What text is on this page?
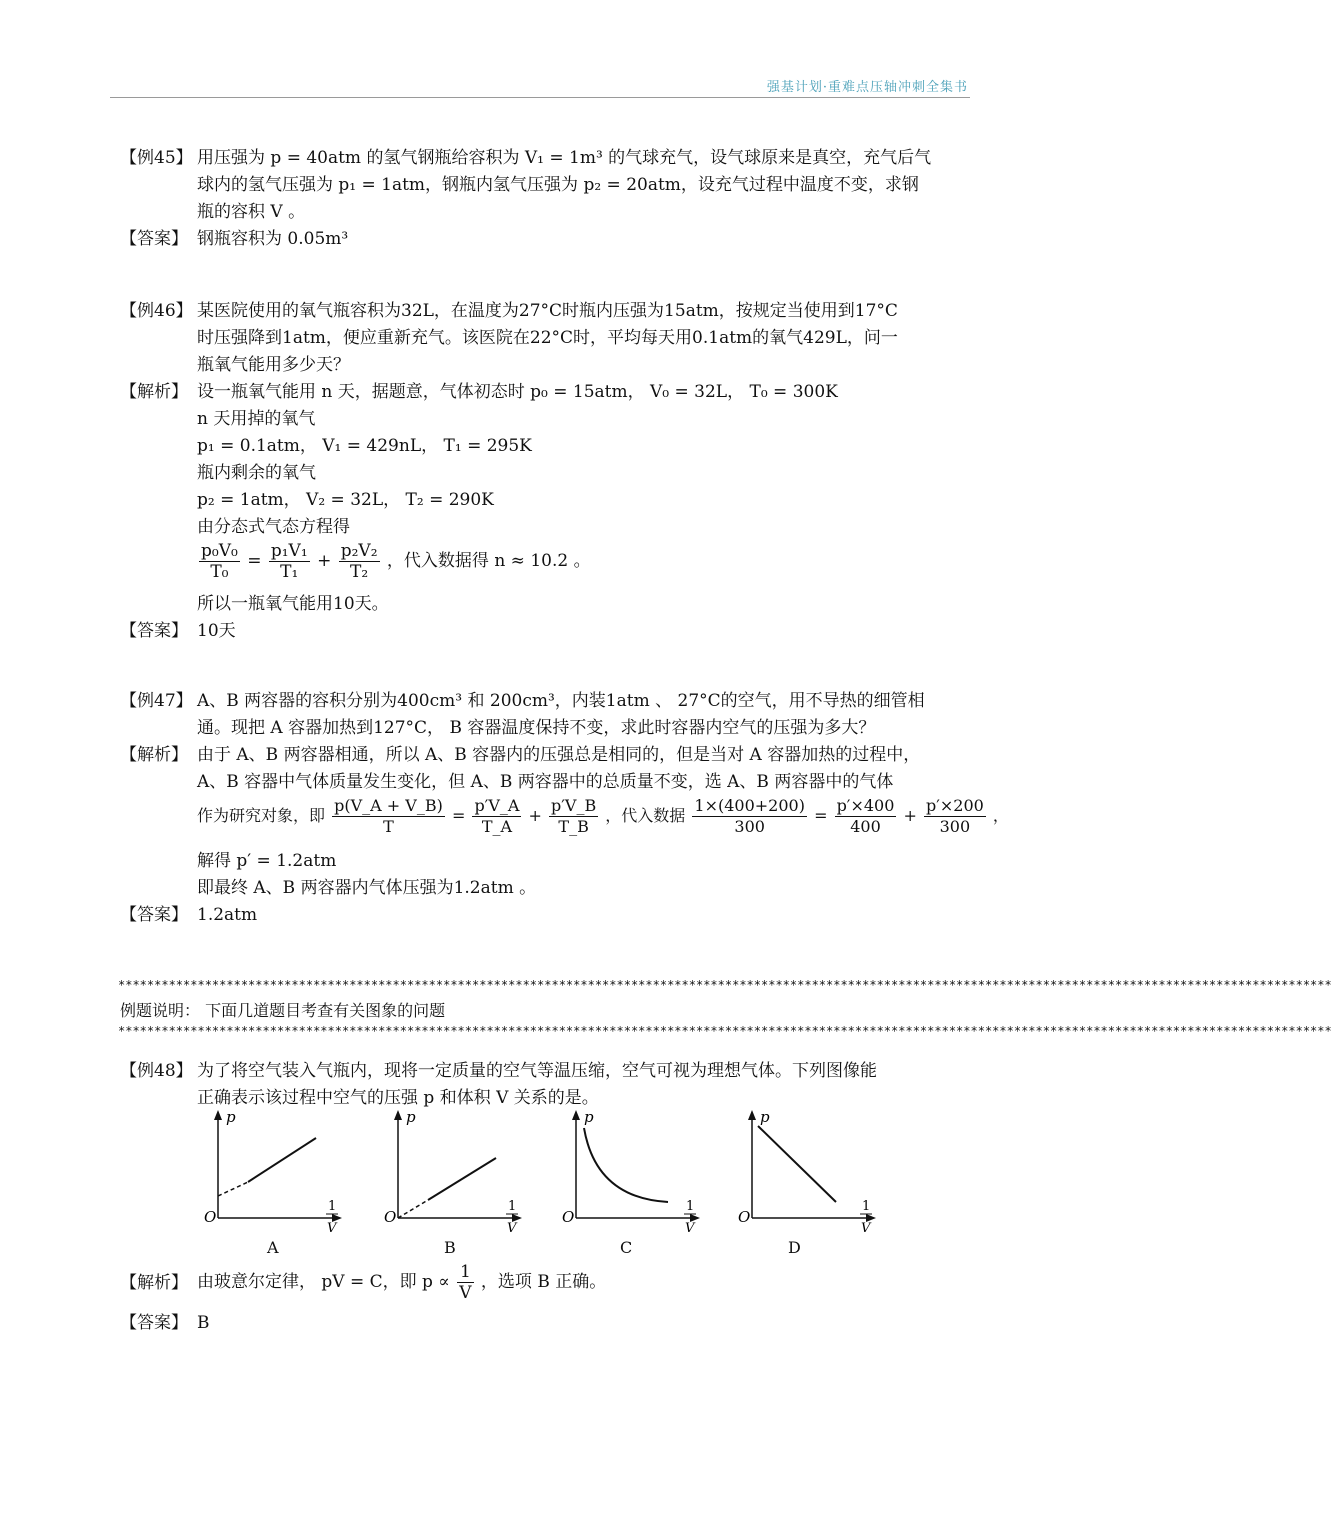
强基计划·重难点压轴冲刺全集书
【例45】 用压强为 p = 40atm 的氢气钢瓶给容积为 V₁ = 1m³ 的气球充气，设气球原来是真空，充气后气
球内的氢气压强为 p₁ = 1atm，钢瓶内氢气压强为 p₂ = 20atm，设充气过程中温度不变，求钢
瓶的容积 V 。
【答案】 钢瓶容积为 0.05m³
【例46】 某医院使用的氧气瓶容积为32L，在温度为27°C时瓶内压强为15atm，按规定当使用到17°C
时压强降到1atm，便应重新充气。该医院在22°C时，平均每天用0.1atm的氧气429L，问一
瓶氧气能用多少天？
【解析】 设一瓶氧气能用 n 天，据题意，气体初态时 p₀ = 15atm， V₀ = 32L， T₀ = 300K
n 天用掉的氧气
p₁ = 0.1atm， V₁ = 429nL， T₁ = 295K
瓶内剩余的氧气
p₂ = 1atm， V₂ = 32L， T₂ = 290K
由分态式气态方程得
$\frac{\text{p₀V₀}}{\text{T₀}} = \frac{\text{p₁V₁}}{\text{T₁}} + \frac{\text{p₂V₂}}{\text{T₂}}$ ，代入数据得 n ≈ 10.2 。
所以一瓶氧气能用10天。
【答案】 10天
【例47】 A、B 两容器的容积分别为400cm³ 和 200cm³，内装1atm 、 27°C的空气，用不导热的细管相
通。现把 A 容器加热到127°C， B 容器温度保持不变，求此时容器内空气的压强为多大？
【解析】 由于 A、B 两容器相通，所以 A、B 容器内的压强总是相同的，但是当对 A 容器加热的过程中，
A、B 容器中气体质量发生变化，但 A、B 两容器中的总质量不变，选 A、B 两容器中的气体
作为研究对象，即 $\frac{p(V\_A + V\_B)}{T} = \frac{p'V\_A}{T\_A} + \frac{p'V\_B}{T\_B}$ ，代入数据 $\frac{1\times(400+200)}{300} = \frac{p'\times 400}{400} + \frac{p'\times 200}{300}$ ，
解得 p′ = 1.2atm
即最终 A、B 两容器内气体压强为1.2atm 。
【答案】 1.2atm
************************************************************************************************************************************************************************
例题说明： 下面几道题目考查有关图象的问题
************************************************************************************************************************************************************************
【例48】 为了将空气装入气瓶内，现将一定质量的空气等温压缩，空气可视为理想气体。下列图像能
正确表示该过程中空气的压强 p 和体积 V 关系的是。
p
O
1
V
p
O
1
V
p
O
1
V
p
O
1
V
A	B	C	D
【解析】 由玻意尔定律， pV = C，即 $p \propto \frac{1}{V}$ ，选项 B 正确。
【答案】 B
